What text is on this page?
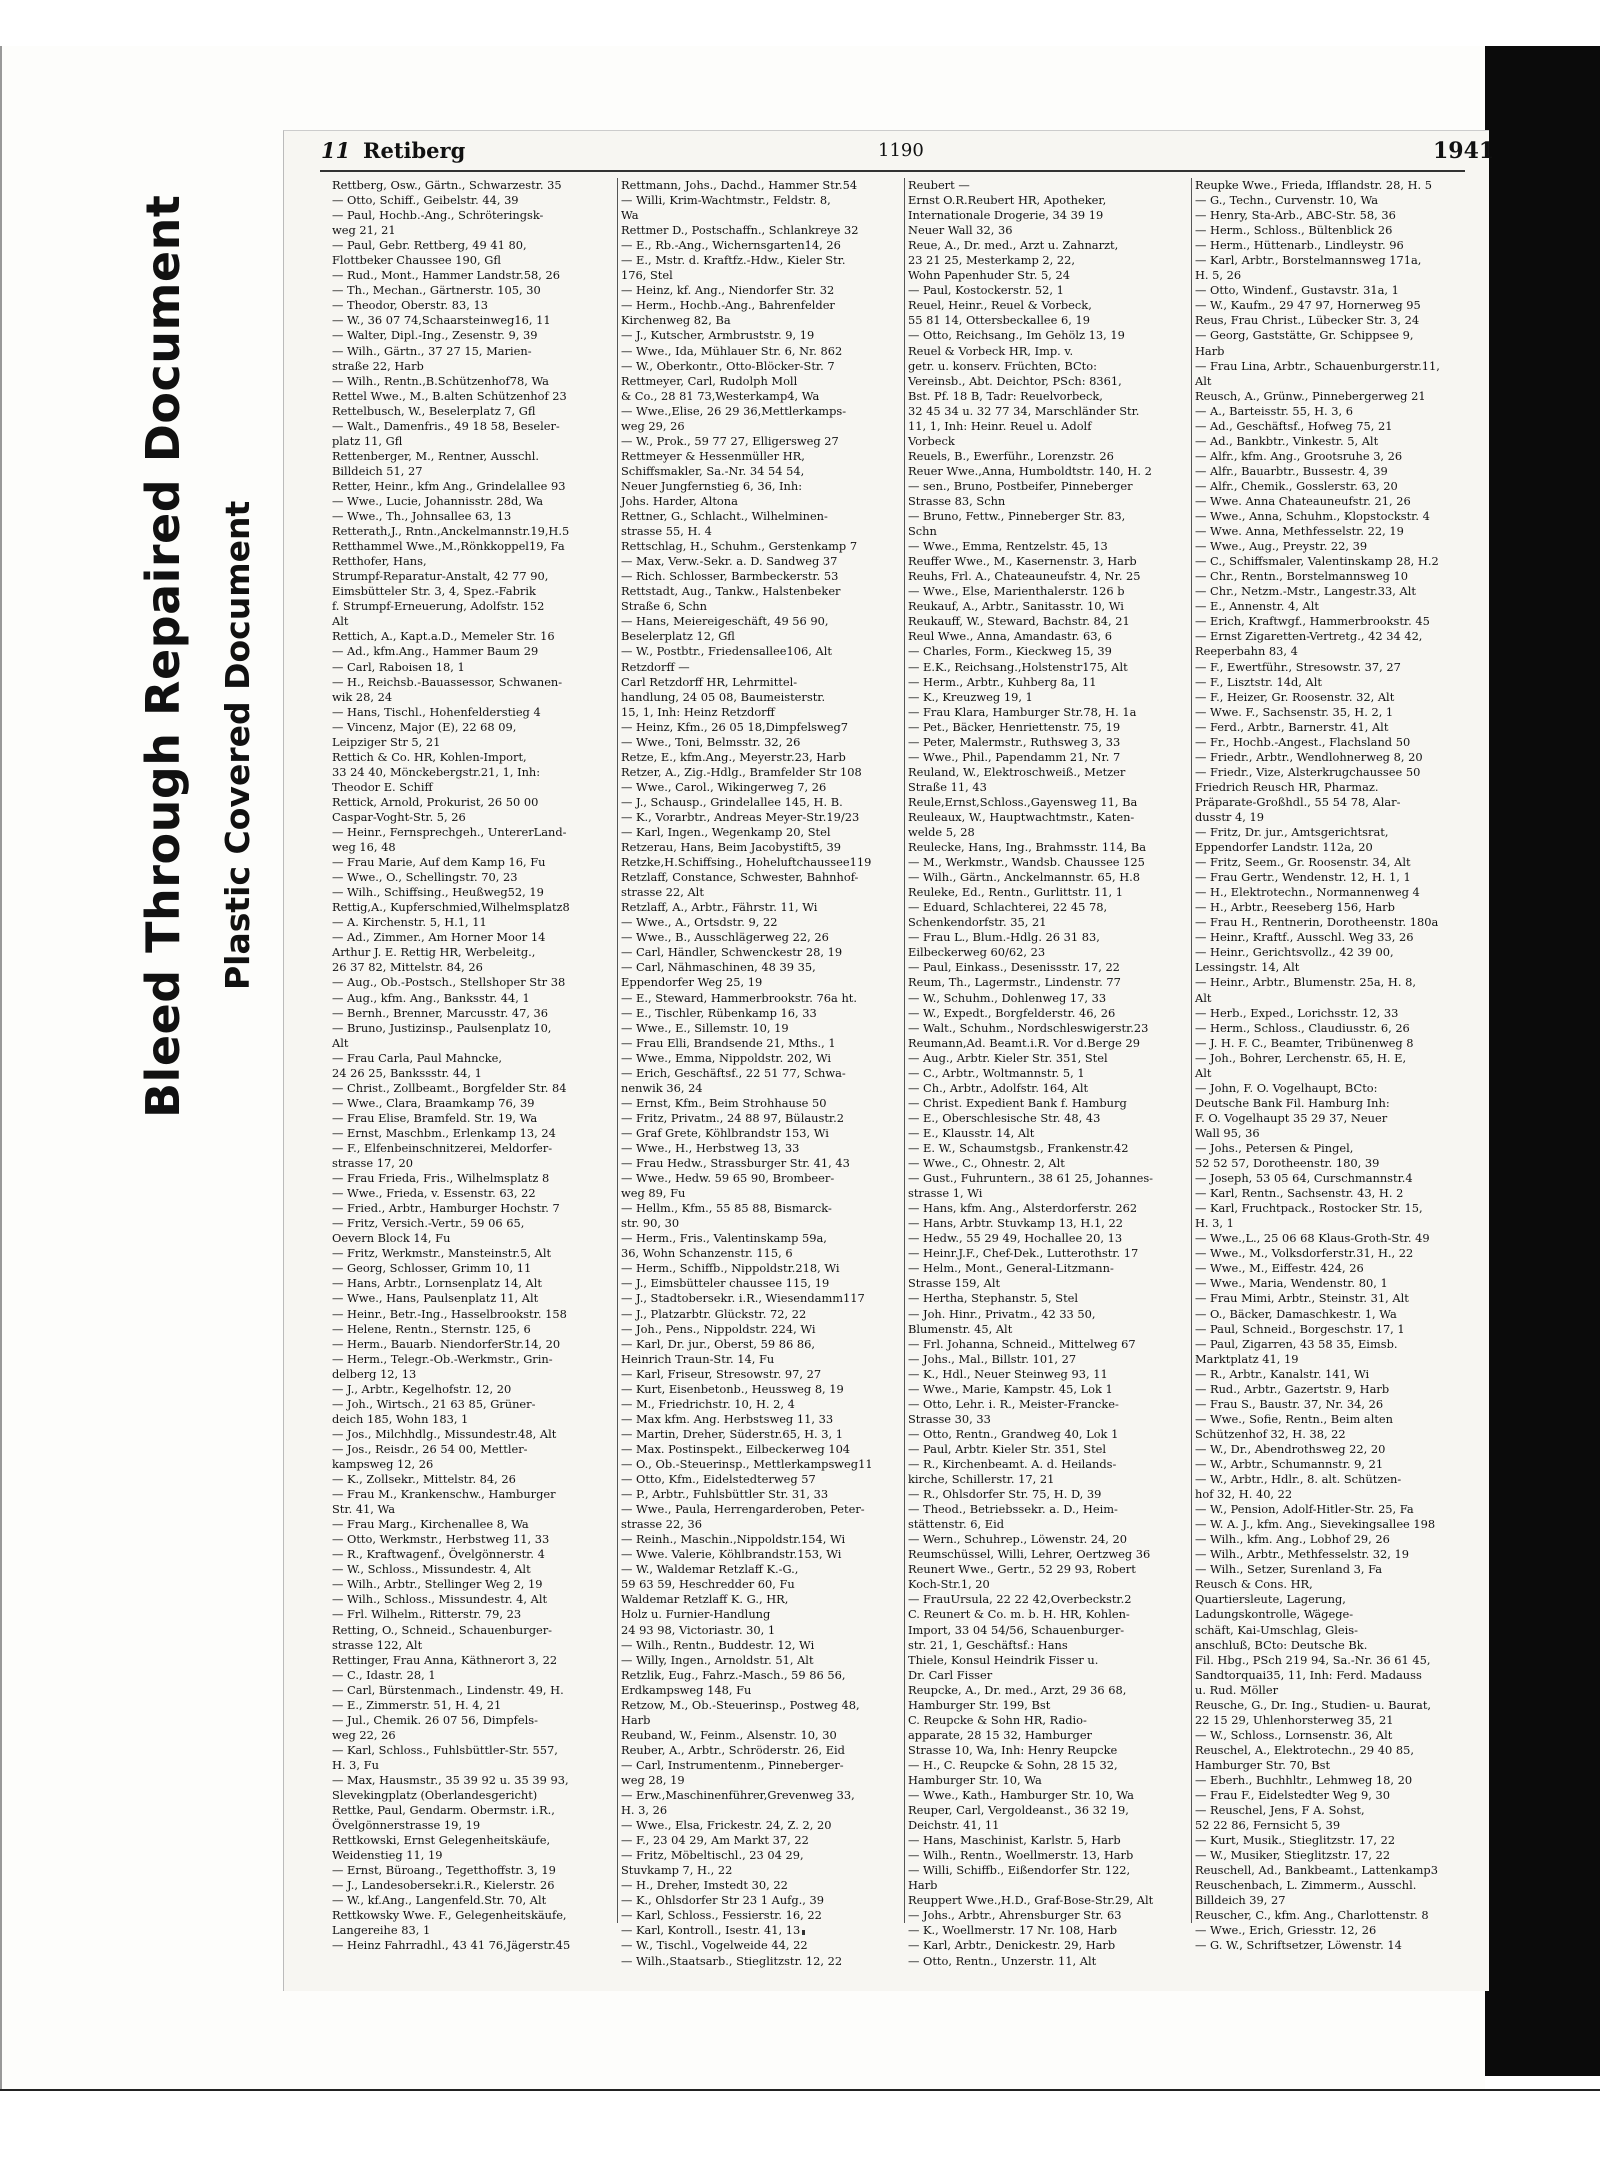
Bleed Through Repaired Document Plastic Covered Document
11 Retiberg	1190	1941

Rettberg, Osw., Gärtn., Schwarzestr. 35

— Otto, Schiff., Geibelstr. 44, 39

— Paul, Hochb.-Ang., Schröteringsk-

weg 21, 21

— Paul, Gebr. Rettberg, 49 41 80,

Flottbeker Chaussee 190, Gfl

— Rud., Mont., Hammer Landstr.58, 26

— Th., Mechan., Gärtnerstr. 105, 30

— Theodor, Oberstr. 83, 13

— W., 36 07 74,Schaarsteinweg16, 11

— Walter, Dipl.-Ing., Zesenstr. 9, 39

— Wilh., Gärtn., 37 27 15, Marien-

straße 22, Harb

— Wilh., Rentn.,B.Schützenhof78, Wa

Rettel Wwe., M., B.alten Schützenhof 23

Rettelbusch, W., Beselerplatz 7, Gfl

— Walt., Damenfris., 49 18 58, Beseler-

platz 11, Gfl

Rettenberger, M., Rentner, Ausschl.

Billdeich 51, 27

Retter, Heinr., kfm Ang., Grindelallee 93

— Wwe., Lucie, Johannisstr. 28d, Wa

— Wwe., Th., Johnsallee 63, 13

Retterath,J., Rntn.,Anckelmannstr.19,H.5

Retthammel Wwe.,M.,Rönkkoppel19, Fa

Retthofer, Hans,

Strumpf-Reparatur-Anstalt, 42 77 90,

Eimsbütteler Str. 3, 4, Spez.-Fabrik

f. Strumpf-Erneuerung, Adolfstr. 152

Alt

Rettich, A., Kapt.a.D., Memeler Str. 16

— Ad., kfm.Ang., Hammer Baum 29

— Carl, Raboisen 18, 1

— H., Reichsb.-Bauassessor, Schwanen-

wik 28, 24

— Hans, Tischl., Hohenfelderstieg 4

— Vincenz, Major (E), 22 68 09,

Leipziger Str 5, 21

Rettich & Co. HR, Kohlen-Import,

33 24 40, Mönckebergstr.21, 1, Inh:

Theodor E. Schiff

Rettick, Arnold, Prokurist, 26 50 00

Caspar-Voght-Str. 5, 26

— Heinr., Fernsprechgeh., UntererLand-

weg 16, 48

— Frau Marie, Auf dem Kamp 16, Fu

— Wwe., O., Schellingstr. 70, 23

— Wilh., Schiffsing., Heußweg52, 19

Rettig,A., Kupferschmied,Wilhelmsplatz8

— A. Kirchenstr. 5, H.1, 11

— Ad., Zimmer., Am Horner Moor 14

Arthur J. E. Rettig HR, Werbeleitg.,

26 37 82, Mittelstr. 84, 26

— Aug., Ob.-Postsch., Stellshoper Str 38

— Aug., kfm. Ang., Banksstr. 44, 1

— Bernh., Brenner, Marcusstr. 47, 36

— Bruno, Justizinsp., Paulsenplatz 10,

Alt

— Frau Carla, Paul Mahncke,

24 26 25, Bankssstr. 44, 1

— Christ., Zollbeamt., Borgfelder Str. 84

— Wwe., Clara, Braamkamp 76, 39

— Frau Elise, Bramfeld. Str. 19, Wa

— Ernst, Maschbm., Erlenkamp 13, 24

— F., Elfenbeinschnitzerei, Meldorfer-

strasse 17, 20

— Frau Frieda, Fris., Wilhelmsplatz 8

— Wwe., Frieda, v. Essenstr. 63, 22

— Fried., Arbtr., Hamburger Hochstr. 7

— Fritz, Versich.-Vertr., 59 06 65,

Oevern Block 14, Fu

— Fritz, Werkmstr., Mansteinstr.5, Alt

— Georg, Schlosser, Grimm 10, 11

— Hans, Arbtr., Lornsenplatz 14, Alt

— Wwe., Hans, Paulsenplatz 11, Alt

— Heinr., Betr.-Ing., Hasselbrookstr. 158

— Helene, Rentn., Sternstr. 125, 6

— Herm., Bauarb. NiendorferStr.14, 20

— Herm., Telegr.-Ob.-Werkmstr., Grin-

delberg 12, 13

— J., Arbtr., Kegelhofstr. 12, 20

— Joh., Wirtsch., 21 63 85, Grüner-

deich 185, Wohn 183, 1

— Jos., Milchhdlg., Missundestr.48, Alt

— Jos., Reisdr., 26 54 00, Mettler-

kampsweg 12, 26

— K., Zollsekr., Mittelstr. 84, 26

— Frau M., Krankenschw., Hamburger

Str. 41, Wa

— Frau Marg., Kirchenallee 8, Wa

— Otto, Werkmstr., Herbstweg 11, 33

— R., Kraftwagenf., Övelgönnerstr. 4

— W., Schloss., Missundestr. 4, Alt

— Wilh., Arbtr., Stellinger Weg 2, 19

— Wilh., Schloss., Missundestr. 4, Alt

— Frl. Wilhelm., Ritterstr. 79, 23

Retting, O., Schneid., Schauenburger-

strasse 122, Alt

Rettinger, Frau Anna, Käthnerort 3, 22

— C., Idastr. 28, 1

— Carl, Bürstenmach., Lindenstr. 49, H.

— E., Zimmerstr. 51, H. 4, 21

— Jul., Chemik. 26 07 56, Dimpfels-

weg 22, 26

— Karl, Schloss., Fuhlsbüttler-Str. 557,

H. 3, Fu

— Max, Hausmstr., 35 39 92 u. 35 39 93,

Slevekingplatz (Oberlandesgericht)

Rettke, Paul, Gendarm. Obermstr. i.R.,

Övelgönnerstrasse 19, 19

Rettkowski, Ernst Gelegenheitskäufe,

Weidenstieg 11, 19

— Ernst, Büroang., Tegetthoffstr. 3, 19

— J., Landesobersekr.i.R., Kielerstr. 26

— W., kf.Ang., Langenfeld.Str. 70, Alt

Rettkowsky Wwe. F., Gelegenheitskäufe,

Langereihe 83, 1

— Heinz Fahrradhl., 43 41 76,Jägerstr.45

Rettmann, Johs., Dachd., Hammer Str.54

— Willi, Krim-Wachtmstr., Feldstr. 8,

Wa

Rettmer D., Postschaffn., Schlankreye 32

— E., Rb.-Ang., Wichernsgarten14, 26

— E., Mstr. d. Kraftfz.-Hdw., Kieler Str.

176, Stel

— Heinz, kf. Ang., Niendorfer Str. 32

— Herm., Hochb.-Ang., Bahrenfelder

Kirchenweg 82, Ba

— J., Kutscher, Armbruststr. 9, 19

— Wwe., Ida, Mühlauer Str. 6, Nr. 862

— W., Oberkontr., Otto-Blöcker-Str. 7

Rettmeyer, Carl, Rudolph Moll

& Co., 28 81 73,Westerkamp4, Wa

— Wwe.,Elise, 26 29 36,Mettlerkamps-

weg 29, 26

— W., Prok., 59 77 27, Elligersweg 27

Rettmeyer & Hessenmüller HR,

Schiffsmakler, Sa.-Nr. 34 54 54,

Neuer Jungfernstieg 6, 36, Inh:

Johs. Harder, Altona

Rettner, G., Schlacht., Wilhelminen-

strasse 55, H. 4

Rettschlag, H., Schuhm., Gerstenkamp 7

— Max, Verw.-Sekr. a. D. Sandweg 37

— Rich. Schlosser, Barmbeckerstr. 53

Rettstadt, Aug., Tankw., Halstenbeker

Straße 6, Schn

— Hans, Meiereigeschäft, 49 56 90,

Beselerplatz 12, Gfl

— W., Postbtr., Friedensallee106, Alt

Retzdorff —

Carl Retzdorff HR, Lehrmittel-

handlung, 24 05 08, Baumeisterstr.

15, 1, Inh: Heinz Retzdorff

— Heinz, Kfm., 26 05 18,Dimpfelsweg7

— Wwe., Toni, Belmsstr. 32, 26

Retze, E., kfm.Ang., Meyerstr.23, Harb

Retzer, A., Zig.-Hdlg., Bramfelder Str 108

— Wwe., Carol., Wikingerweg 7, 26

— J., Schausp., Grindelallee 145, H. B.

— K., Vorarbtr., Andreas Meyer-Str.19/23

— Karl, Ingen., Wegenkamp 20, Stel

Retzerau, Hans, Beim Jacobystift5, 39

Retzke,H.Schiffsing., Hoheluftchaussee119

Retzlaff, Constance, Schwester, Bahnhof-

strasse 22, Alt

Retzlaff, A., Arbtr., Fährstr. 11, Wi

— Wwe., A., Ortsdstr. 9, 22

— Wwe., B., Ausschlägerweg 22, 26

— Carl, Händler, Schwenckestr 28, 19

— Carl, Nähmaschinen, 48 39 35,

Eppendorfer Weg 25, 19

— E., Steward, Hammerbrookstr. 76a ht.

— E., Tischler, Rübenkamp 16, 33

— Wwe., E., Sillemstr. 10, 19

— Frau Elli, Brandsende 21, Mths., 1

— Wwe., Emma, Nippoldstr. 202, Wi

— Erich, Geschäftsf., 22 51 77, Schwa-

nenwik 36, 24

— Ernst, Kfm., Beim Strohhause 50

— Fritz, Privatm., 24 88 97, Bülaustr.2

— Graf Grete, Köhlbrandstr 153, Wi

— Wwe., H., Herbstweg 13, 33

— Frau Hedw., Strassburger Str. 41, 43

— Wwe., Hedw. 59 65 90, Brombeer-

weg 89, Fu

— Hellm., Kfm., 55 85 88, Bismarck-

str. 90, 30

— Herm., Fris., Valentinskamp 59a,

36, Wohn Schanzenstr. 115, 6

— Herm., Schiffb., Nippoldstr.218, Wi

— J., Eimsbütteler chaussee 115, 19

— J., Stadtobersekr. i.R., Wiesendamm117

— J., Platzarbtr. Glückstr. 72, 22

— Joh., Pens., Nippoldstr. 224, Wi

— Karl, Dr. jur., Oberst, 59 86 86,

Heinrich Traun-Str. 14, Fu

— Karl, Friseur, Stresowstr. 97, 27

— Kurt, Eisenbetonb., Heussweg 8, 19

— M., Friedrichstr. 10, H. 2, 4

— Max kfm. Ang. Herbstsweg 11, 33

— Martin, Dreher, Süderstr.65, H. 3, 1

— Max. Postinspekt., Eilbeckerweg 104

— O., Ob.-Steuerinsp., Mettlerkampsweg11

— Otto, Kfm., Eidelstedterweg 57

— P., Arbtr., Fuhlsbüttler Str. 31, 33

— Wwe., Paula, Herrengarderoben, Peter-

strasse 22, 36

— Reinh., Maschin.,Nippoldstr.154, Wi

— Wwe. Valerie, Köhlbrandstr.153, Wi

— W., Waldemar Retzlaff K.-G.,

59 63 59, Heschredder 60, Fu

Waldemar Retzlaff K. G., HR,

Holz u. Furnier-Handlung

24 93 98, Victoriastr. 30, 1

— Wilh., Rentn., Buddestr. 12, Wi

— Willy, Ingen., Arnoldstr. 51, Alt

Retzlik, Eug., Fahrz.-Masch., 59 86 56,

Erdkampsweg 148, Fu

Retzow, M., Ob.-Steuerinsp., Postweg 48,

Harb

Reuband, W., Feinm., Alsenstr. 10, 30

Reuber, A., Arbtr., Schröderstr. 26, Eid

— Carl, Instrumentenm., Pinneberger-

weg 28, 19

— Erw.,Maschinenführer,Grevenweg 33,

H. 3, 26

— Wwe., Elsa, Frickestr. 24, Z. 2, 20

— F., 23 04 29, Am Markt 37, 22

— Fritz, Möbeltischl., 23 04 29,

Stuvkamp 7, H., 22

— H., Dreher, Imstedt 30, 22

— K., Ohlsdorfer Str 23 1 Aufg., 39

— Karl, Schloss., Fessierstr. 16, 22

— Karl, Kontroll., Isestr. 41, 13

— W., Tischl., Vogelweide 44, 22

— Wilh.,Staatsarb., Stieglitzstr. 12, 22

Reubert —

Ernst O.R.Reubert HR, Apotheker,

Internationale Drogerie, 34 39 19

Neuer Wall 32, 36

Reue, A., Dr. med., Arzt u. Zahnarzt,

23 21 25, Mesterkamp 2, 22,

Wohn Papenhuder Str. 5, 24

— Paul, Kostockerstr. 52, 1

Reuel, Heinr., Reuel & Vorbeck,

55 81 14, Ottersbeckallee 6, 19

— Otto, Reichsang., Im Gehölz 13, 19

Reuel & Vorbeck HR, Imp. v.

getr. u. konserv. Früchten, BCto:

Vereinsb., Abt. Deichtor, PSch: 8361,

Bst. Pf. 18 B, Tadr: Reuelvorbeck,

32 45 34 u. 32 77 34, Marschländer Str.

11, 1, Inh: Heinr. Reuel u. Adolf

Vorbeck

Reuels, B., Ewerführ., Lorenzstr. 26

Reuer Wwe.,Anna, Humboldtstr. 140, H. 2

— sen., Bruno, Postbeifer, Pinneberger

Strasse 83, Schn

— Bruno, Fettw., Pinneberger Str. 83,

Schn

— Wwe., Emma, Rentzelstr. 45, 13

Reuffer Wwe., M., Kasernenstr. 3, Harb

Reuhs, Frl. A., Chateauneufstr. 4, Nr. 25

— Wwe., Else, Marienthalerstr. 126 b

Reukauf, A., Arbtr., Sanitasstr. 10, Wi

Reukauff, W., Steward, Bachstr. 84, 21

Reul Wwe., Anna, Amandastr. 63, 6

— Charles, Form., Kieckweg 15, 39

— E.K., Reichsang.,Holstenstr175, Alt

— Herm., Arbtr., Kuhberg 8a, 11

— K., Kreuzweg 19, 1

— Frau Klara, Hamburger Str.78, H. 1a

— Pet., Bäcker, Henriettenstr. 75, 19

— Peter, Malermstr., Ruthsweg 3, 33

— Wwe., Phil., Papendamm 21, Nr. 7

Reuland, W., Elektroschweiß., Metzer

Straße 11, 43

Reule,Ernst,Schloss.,Gayensweg 11, Ba

Reuleaux, W., Hauptwachtmstr., Katen-

welde 5, 28

Reulecke, Hans, Ing., Brahmsstr. 114, Ba

— M., Werkmstr., Wandsb. Chaussee 125

— Wilh., Gärtn., Anckelmannstr. 65, H.8

Reuleke, Ed., Rentn., Gurlittstr. 11, 1

— Eduard, Schlachterei, 22 45 78,

Schenkendorfstr. 35, 21

— Frau L., Blum.-Hdlg. 26 31 83,

Eilbeckerweg 60/62, 23

— Paul, Einkass., Desenissstr. 17, 22

Reum, Th., Lagermstr., Lindenstr. 77

— W., Schuhm., Dohlenweg 17, 33

— W., Expedt., Borgfelderstr. 46, 26

— Walt., Schuhm., Nordschleswigerstr.23

Reumann,Ad. Beamt.i.R. Vor d.Berge 29

— Aug., Arbtr. Kieler Str. 351, Stel

— C., Arbtr., Woltmannstr. 5, 1

— Ch., Arbtr., Adolfstr. 164, Alt

— Christ. Expedient Bank f. Hamburg

— E., Oberschlesische Str. 48, 43

— E., Klausstr. 14, Alt

— E. W., Schaumstgsb., Frankenstr.42

— Wwe., C., Ohnestr. 2, Alt

— Gust., Fuhruntern., 38 61 25, Johannes-

strasse 1, Wi

— Hans, kfm. Ang., Alsterdorferstr. 262

— Hans, Arbtr. Stuvkamp 13, H.1, 22

— Hedw., 55 29 49, Hochallee 20, 13

— Heinr.J.F., Chef-Dek., Lutterothstr. 17

— Helm., Mont., General-Litzmann-

Strasse 159, Alt

— Hertha, Stephanstr. 5, Stel

— Joh. Hinr., Privatm., 42 33 50,

Blumenstr. 45, Alt

— Frl. Johanna, Schneid., Mittelweg 67

— Johs., Mal., Billstr. 101, 27

— K., Hdl., Neuer Steinweg 93, 11

— Wwe., Marie, Kampstr. 45, Lok 1

— Otto, Lehr. i. R., Meister-Francke-

Strasse 30, 33

— Otto, Rentn., Grandweg 40, Lok 1

— Paul, Arbtr. Kieler Str. 351, Stel

— R., Kirchenbeamt. A. d. Heilands-

kirche, Schillerstr. 17, 21

— R., Ohlsdorfer Str. 75, H. D, 39

— Theod., Betriebssekr. a. D., Heim-

stättenstr. 6, Eid

— Wern., Schuhrep., Löwenstr. 24, 20

Reumschüssel, Willi, Lehrer, Oertzweg 36

Reunert Wwe., Gertr., 52 29 93, Robert

Koch-Str.1, 20

— FrauUrsula, 22 22 42,Overbeckstr.2

C. Reunert & Co. m. b. H. HR, Kohlen-

Import, 33 04 54/56, Schauenburger-

str. 21, 1, Geschäftsf.: Hans

Thiele, Konsul Heindrik Fisser u.

Dr. Carl Fisser

Reupcke, A., Dr. med., Arzt, 29 36 68,

Hamburger Str. 199, Bst

C. Reupcke & Sohn HR, Radio-

apparate, 28 15 32, Hamburger

Strasse 10, Wa, Inh: Henry Reupcke

— H., C. Reupcke & Sohn, 28 15 32,

Hamburger Str. 10, Wa

— Wwe., Kath., Hamburger Str. 10, Wa

Reuper, Carl, Vergoldeanst., 36 32 19,

Deichstr. 41, 11

— Hans, Maschinist, Karlstr. 5, Harb

— Wilh., Rentn., Woellmerstr. 13, Harb

— Willi, Schiffb., Eißendorfer Str. 122,

Harb

Reuppert Wwe.,H.D., Graf-Bose-Str.29, Alt

— Johs., Arbtr., Ahrensburger Str. 63

— K., Woellmerstr. 17 Nr. 108, Harb

— Karl, Arbtr., Denickestr. 29, Harb

— Otto, Rentn., Unzerstr. 11, Alt

Reupke Wwe., Frieda, Ifflandstr. 28, H. 5

— G., Techn., Curvenstr. 10, Wa

— Henry, Sta-Arb., ABC-Str. 58, 36

— Herm., Schloss., Bültenblick 26

— Herm., Hüttenarb., Lindleystr. 96

— Karl, Arbtr., Borstelmannsweg 171a,

H. 5, 26

— Otto, Windenf., Gustavstr. 31a, 1

— W., Kaufm., 29 47 97, Hornerweg 95

Reus, Frau Christ., Lübecker Str. 3, 24

— Georg, Gaststätte, Gr. Schippsee 9,

Harb

— Frau Lina, Arbtr., Schauenburgerstr.11,

Alt

Reusch, A., Grünw., Pinnebergerweg 21

— A., Barteisstr. 55, H. 3, 6

— Ad., Geschäftsf., Hofweg 75, 21

— Ad., Bankbtr., Vinkestr. 5, Alt

— Alfr., kfm. Ang., Grootsruhe 3, 26

— Alfr., Bauarbtr., Bussestr. 4, 39

— Alfr., Chemik., Gosslerstr. 63, 20

— Wwe. Anna Chateauneufstr. 21, 26

— Wwe., Anna, Schuhm., Klopstockstr. 4

— Wwe. Anna, Methfesselstr. 22, 19

— Wwe., Aug., Preystr. 22, 39

— C., Schiffsmaler, Valentinskamp 28, H.2

— Chr., Rentn., Borstelmannsweg 10

— Chr., Netzm.-Mstr., Langestr.33, Alt

— E., Annenstr. 4, Alt

— Erich, Kraftwgf., Hammerbrookstr. 45

— Ernst Zigaretten-Vertretg., 42 34 42,

Reeperbahn 83, 4

— F., Ewertführ., Stresowstr. 37, 27

— F., Lisztstr. 14d, Alt

— F., Heizer, Gr. Roosenstr. 32, Alt

— Wwe. F., Sachsenstr. 35, H. 2, 1

— Ferd., Arbtr., Barnerstr. 41, Alt

— Fr., Hochb.-Angest., Flachsland 50

— Friedr., Arbtr., Wendlohnerweg 8, 20

— Friedr., Vize, Alsterkrugchaussee 50

Friedrich Reusch HR, Pharmaz.

Präparate-Großhdl., 55 54 78, Alar-

dusstr 4, 19

— Fritz, Dr. jur., Amtsgerichtsrat,

Eppendorfer Landstr. 112a, 20

— Fritz, Seem., Gr. Roosenstr. 34, Alt

— Frau Gertr., Wendenstr. 12, H. 1, 1

— H., Elektrotechn., Normannenweg 4

— H., Arbtr., Reeseberg 156, Harb

— Frau H., Rentnerin, Dorotheenstr. 180a

— Heinr., Kraftf., Ausschl. Weg 33, 26

— Heinr., Gerichtsvollz., 42 39 00,

Lessingstr. 14, Alt

— Heinr., Arbtr., Blumenstr. 25a, H. 8,

Alt

— Herb., Exped., Lorichsstr. 12, 33

— Herm., Schloss., Claudiusstr. 6, 26

— J. H. F. C., Beamter, Tribünenweg 8

— Joh., Bohrer, Lerchenstr. 65, H. E,

Alt

— John, F. O. Vogelhaupt, BCto:

Deutsche Bank Fil. Hamburg Inh:

F. O. Vogelhaupt 35 29 37, Neuer

Wall 95, 36

— Johs., Petersen & Pingel,

52 52 57, Dorotheenstr. 180, 39

— Joseph, 53 05 64, Curschmannstr.4

— Karl, Rentn., Sachsenstr. 43, H. 2

— Karl, Fruchtpack., Rostocker Str. 15,

H. 3, 1

— Wwe.,L., 25 06 68 Klaus-Groth-Str. 49

— Wwe., M., Volksdorferstr.31, H., 22

— Wwe., M., Eiffestr. 424, 26

— Wwe., Maria, Wendenstr. 80, 1

— Frau Mimi, Arbtr., Steinstr. 31, Alt

— O., Bäcker, Damaschkestr. 1, Wa

— Paul, Schneid., Borgeschstr. 17, 1

— Paul, Zigarren, 43 58 35, Eimsb.

Marktplatz 41, 19

— R., Arbtr., Kanalstr. 141, Wi

— Rud., Arbtr., Gazertstr. 9, Harb

— Frau S., Baustr. 37, Nr. 34, 26

— Wwe., Sofie, Rentn., Beim alten

Schützenhof 32, H. 38, 22

— W., Dr., Abendrothsweg 22, 20

— W., Arbtr., Schumannstr. 9, 21

— W., Arbtr., Hdlr., 8. alt. Schützen-

hof 32, H. 40, 22

— W., Pension, Adolf-Hitler-Str. 25, Fa

— W. A. J., kfm. Ang., Sievekingsallee 198

— Wilh., kfm. Ang., Lobhof 29, 26

— Wilh., Arbtr., Methfesselstr. 32, 19

— Wilh., Setzer, Surenland 3, Fa

Reusch & Cons. HR,

Quartiersleute, Lagerung,

Ladungskontrolle, Wägege-

schäft, Kai-Umschlag, Gleis-

anschluß, BCto: Deutsche Bk.

Fil. Hbg., PSch 219 94, Sa.-Nr. 36 61 45,

Sandtorquai35, 11, Inh: Ferd. Madauss

u. Rud. Möller

Reusche, G., Dr. Ing., Studien- u. Baurat,

22 15 29, Uhlenhorsterweg 35, 21

— W., Schloss., Lornsenstr. 36, Alt

Reuschel, A., Elektrotechn., 29 40 85,

Hamburger Str. 70, Bst

— Eberh., Buchhltr., Lehmweg 18, 20

— Frau F., Eidelstedter Weg 9, 30

— Reuschel, Jens, F A. Sohst,

52 22 86, Fernsicht 5, 39

— Kurt, Musik., Stieglitzstr. 17, 22

— W., Musiker, Stieglitzstr. 17, 22

Reuschell, Ad., Bankbeamt., Lattenkamp3

Reuschenbach, L. Zimmerm., Ausschl.

Billdeich 39, 27

Reuscher, C., kfm. Ang., Charlottenstr. 8

— Wwe., Erich, Griesstr. 12, 26

— G. W., Schriftsetzer, Löwenstr. 14
